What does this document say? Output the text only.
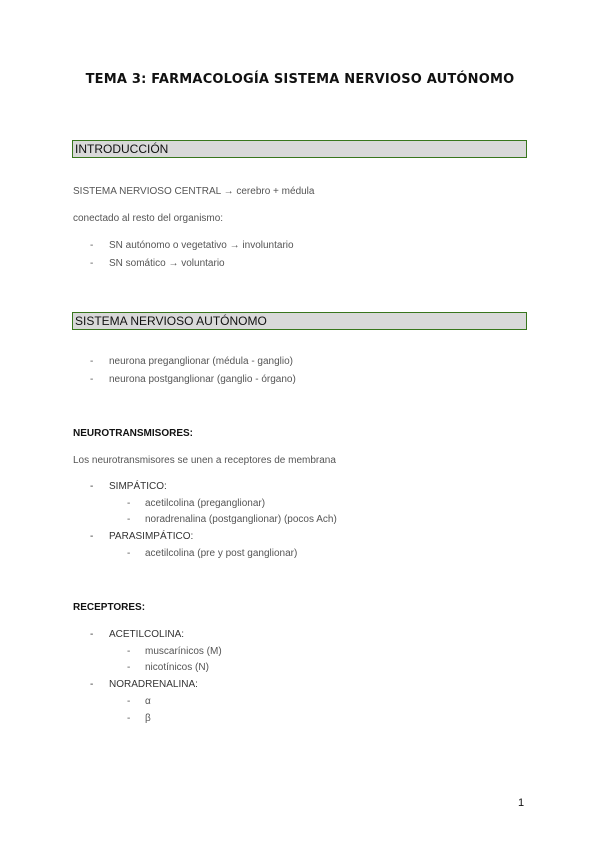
TEMA 3: FARMACOLOGÍA SISTEMA NERVIOSO AUTÓNOMO
INTRODUCCIÓN
SISTEMA NERVIOSO CENTRAL → cerebro + médula
conectado al resto del organismo:
- SN autónomo o vegetativo → involuntario
- SN somático → voluntario
SISTEMA NERVIOSO AUTÓNOMO
- neurona preganglionar (médula - ganglio)
- neurona postganglionar (ganglio - órgano)
NEUROTRANSMISORES:
Los neurotransmisores se unen a receptores de membrana
- SIMPÁTICO:
- acetilcolina (preganglionar)
- noradrenalina (postganglionar) (pocos Ach)
- PARASIMPÁTICO:
- acetilcolina (pre y post ganglionar)
RECEPTORES:
- ACETILCOLINA:
- muscarínicos (M)
- nicotínicos (N)
- NORADRENALINA:
- α
- β
1
